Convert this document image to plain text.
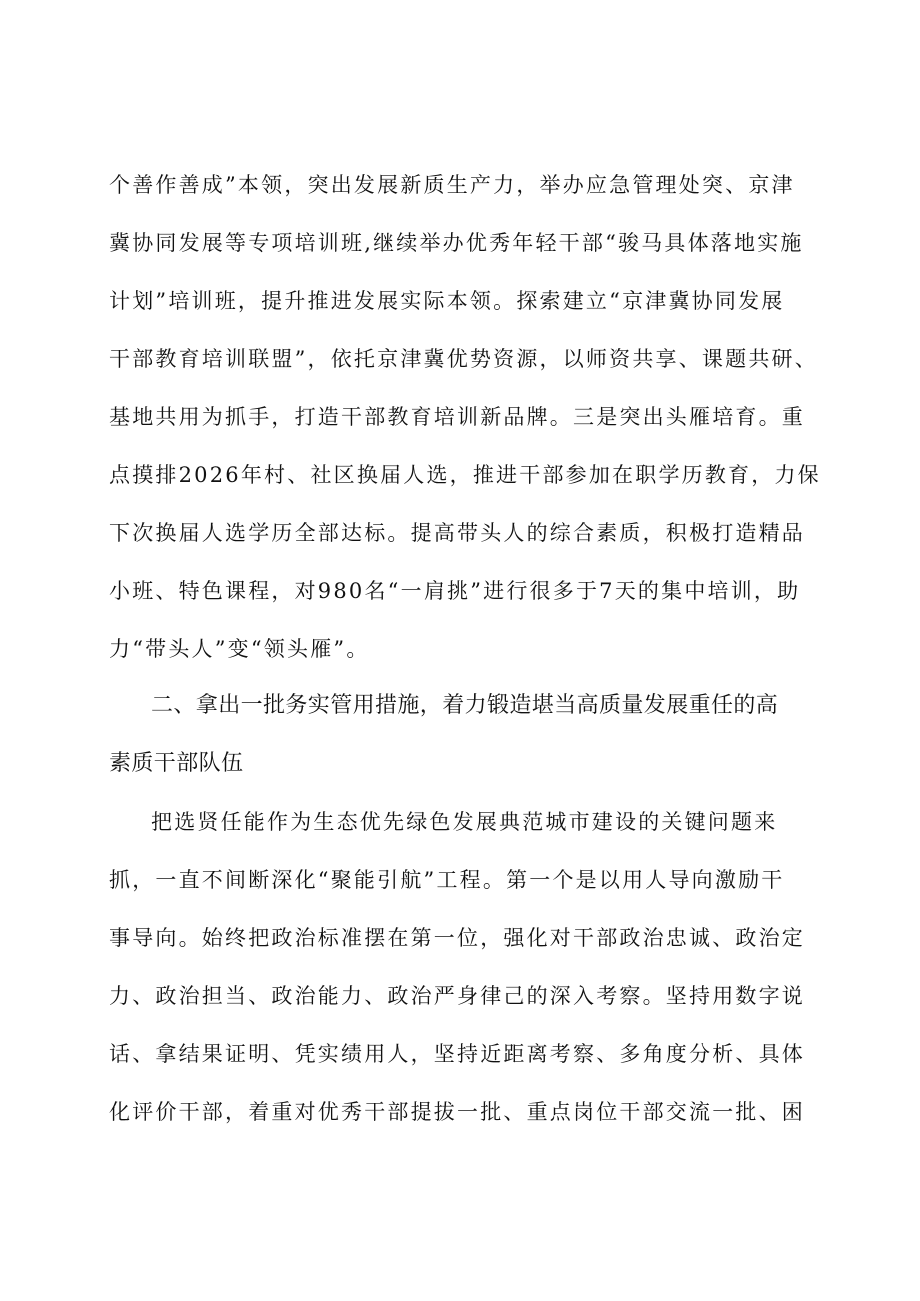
个善作善成”本领，突出发展新质生产力，举办应急管理处突、京津
冀协同发展等专项培训班,继续举办优秀年轻干部“骏马具体落地实施
计划”培训班，提升推进发展实际本领。探索建立“京津冀协同发展
干部教育培训联盟”，依托京津冀优势资源，以师资共享、课题共研、
基地共用为抓手，打造干部教育培训新品牌。三是突出头雁培育。重
点摸排2026年村、社区换届人选，推进干部参加在职学历教育，力保
下次换届人选学历全部达标。提高带头人的综合素质，积极打造精品
小班、特色课程，对980名“一肩挑”进行很多于7天的集中培训，助
力“带头人”变“领头雁”。
二、拿出一批务实管用措施，着力锻造堪当高质量发展重任的高
素质干部队伍
把选贤任能作为生态优先绿色发展典范城市建设的关键问题来
抓，一直不间断深化“聚能引航”工程。第一个是以用人导向激励干
事导向。始终把政治标准摆在第一位，强化对干部政治忠诚、政治定
力、政治担当、政治能力、政治严身律己的深入考察。坚持用数字说
话、拿结果证明、凭实绩用人，坚持近距离考察、多角度分析、具体
化评价干部，着重对优秀干部提拔一批、重点岗位干部交流一批、困
